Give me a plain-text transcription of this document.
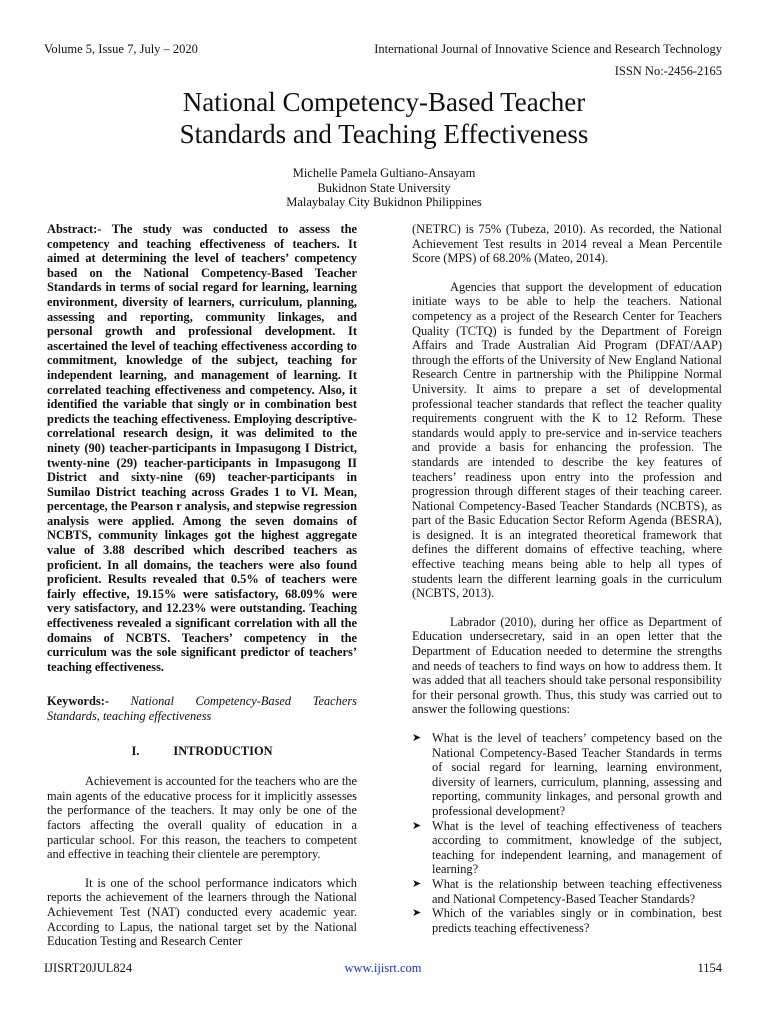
Volume 5, Issue 7, July – 2020	International Journal of Innovative Science and Research Technology
ISSN No:-2456-2165
National Competency-Based Teacher
Standards and Teaching Effectiveness
Michelle Pamela Gultiano-Ansayam
Bukidnon State University
Malaybalay City Bukidnon Philippines

Abstract:- The study was conducted to assess the competency and teaching effectiveness of teachers. It aimed at determining the level of teachers’ competency based on the National Competency-Based Teacher Standards in terms of social regard for learning, learning environment, diversity of learners, curriculum, planning, assessing and reporting, community linkages, and personal growth and professional development. It ascertained the level of teaching effectiveness according to commitment, knowledge of the subject, teaching for independent learning, and management of learning. It correlated teaching effectiveness and competency. Also, it identified the variable that singly or in combination best predicts the teaching effectiveness. Employing descriptive-correlational research design, it was delimited to the ninety (90) teacher-participants in Impasugong I District, twenty-nine (29) teacher-participants in Impasugong II District and sixty-nine (69) teacher-participants in Sumilao District teaching across Grades 1 to VI. Mean, percentage, the Pearson r analysis, and stepwise regression analysis were applied. Among the seven domains of NCBTS, community linkages got the highest aggregate value of 3.88 described which described teachers as proficient. In all domains, the teachers were also found proficient. Results revealed that 0.5% of teachers were fairly effective, 19.15% were satisfactory, 68.09% were very satisfactory, and 12.23% were outstanding. Teaching effectiveness revealed a significant correlation with all the domains of NCBTS. Teachers’ competency in the curriculum was the sole significant predictor of teachers’ teaching effectiveness.

Keywords:- National Competency-Based Teachers Standards, teaching effectiveness

I.	INTRODUCTION

Achievement is accounted for the teachers who are the main agents of the educative process for it implicitly assesses the performance of the teachers. It may only be one of the factors affecting the overall quality of education in a particular school. For this reason, the teachers to competent and effective in teaching their clientele are peremptory.

It is one of the school performance indicators which reports the achievement of the learners through the National Achievement Test (NAT) conducted every academic year. According to Lapus, the national target set by the National Education Testing and Research Center

(NETRC) is 75% (Tubeza, 2010). As recorded, the National Achievement Test results in 2014 reveal a Mean Percentile Score (MPS) of 68.20% (Mateo, 2014).

Agencies that support the development of education initiate ways to be able to help the teachers. National competency as a project of the Research Center for Teachers Quality (TCTQ) is funded by the Department of Foreign Affairs and Trade Australian Aid Program (DFAT/AAP) through the efforts of the University of New England National Research Centre in partnership with the Philippine Normal University. It aims to prepare a set of developmental professional teacher standards that reflect the teacher quality requirements congruent with the K to 12 Reform. These standards would apply to pre-service and in-service teachers and provide a basis for enhancing the profession. The standards are intended to describe the key features of teachers’ readiness upon entry into the profession and progression through different stages of their teaching career. National Competency-Based Teacher Standards (NCBTS), as part of the Basic Education Sector Reform Agenda (BESRA), is designed. It is an integrated theoretical framework that defines the different domains of effective teaching, where effective teaching means being able to help all types of students learn the different learning goals in the curriculum (NCBTS, 2013).

Labrador (2010), during her office as Department of Education undersecretary, said in an open letter that the Department of Education needed to determine the strengths and needs of teachers to find ways on how to address them. It was added that all teachers should take personal responsibility for their personal growth. Thus, this study was carried out to answer the following questions:

➤ What is the level of teachers’ competency based on the National Competency-Based Teacher Standards in terms of social regard for learning, learning environment, diversity of learners, curriculum, planning, assessing and reporting, community linkages, and personal growth and professional development?
➤ What is the level of teaching effectiveness of teachers according to commitment, knowledge of the subject, teaching for independent learning, and management of learning?
➤ What is the relationship between teaching effectiveness and National Competency-Based Teacher Standards?
➤ Which of the variables singly or in combination, best predicts teaching effectiveness?
IJISRT20JUL824	www.ijisrt.com	1154
